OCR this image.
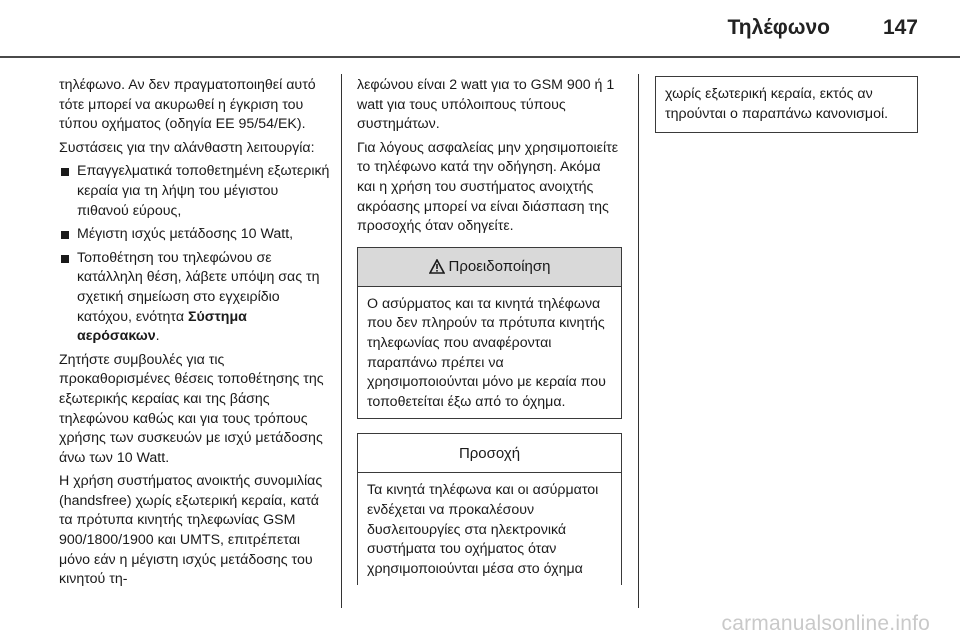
Τηλέφωνο	147

τηλέφωνο. Αν δεν πραγματοποιηθεί αυτό τότε μπορεί να ακυρωθεί η έγκριση του τύπου οχήματος (οδηγία ΕΕ 95/54/ΕΚ).

Συστάσεις για την αλάνθαστη λειτουργία:

Επαγγελματικά τοποθετημένη εξωτερική κεραία για τη λήψη του μέγιστου πιθανού εύρους,
Μέγιστη ισχύς μετάδοσης 10 Watt,
Τοποθέτηση του τηλεφώνου σε κατάλληλη θέση, λάβετε υπόψη σας τη σχετική σημείωση στο εγχειρίδιο κατόχου, ενότητα Σύστημα αερόσακων.

Ζητήστε συμβουλές για τις προκαθορισμένες θέσεις τοποθέτησης της εξωτερικής κεραίας και της βάσης τηλεφώνου καθώς και για τους τρόπους χρήσης των συσκευών με ισχύ μετάδοσης άνω των 10 Watt.

Η χρήση συστήματος ανοικτής συνομιλίας (handsfree) χωρίς εξωτερική κεραία, κατά τα πρότυπα κινητής τηλεφωνίας GSM 900/1800/1900 και UMTS, επιτρέπεται μόνο εάν η μέγιστη ισχύς μετάδοσης του κινητού τη-

λεφώνου είναι 2 watt για το GSM 900 ή 1 watt για τους υπόλοιπους τύπους συστημάτων.

Για λόγους ασφαλείας μην χρησιμοποιείτε το τηλέφωνο κατά την οδήγηση. Ακόμα και η χρήση του συστήματος ανοιχτής ακρόασης μπορεί να είναι διάσπαση της προσοχής όταν οδηγείτε.

Προειδοποίηση
Ο ασύρματος και τα κινητά τηλέφωνα που δεν πληρούν τα πρότυπα κινητής τηλεφωνίας που αναφέρονται παραπάνω πρέπει να χρησιμοποιούνται μόνο με κεραία που τοποθετείται έξω από το όχημα.
Προσοχή
Τα κινητά τηλέφωνα και οι ασύρματοι ενδέχεται να προκαλέσουν δυσλειτουργίες στα ηλεκτρονικά συστήματα του οχήματος όταν χρησιμοποιούνται μέσα στο όχημα
χωρίς εξωτερική κεραία, εκτός αν τηρούνται ο παραπάνω κανονισμοί.
carmanualsonline.info
